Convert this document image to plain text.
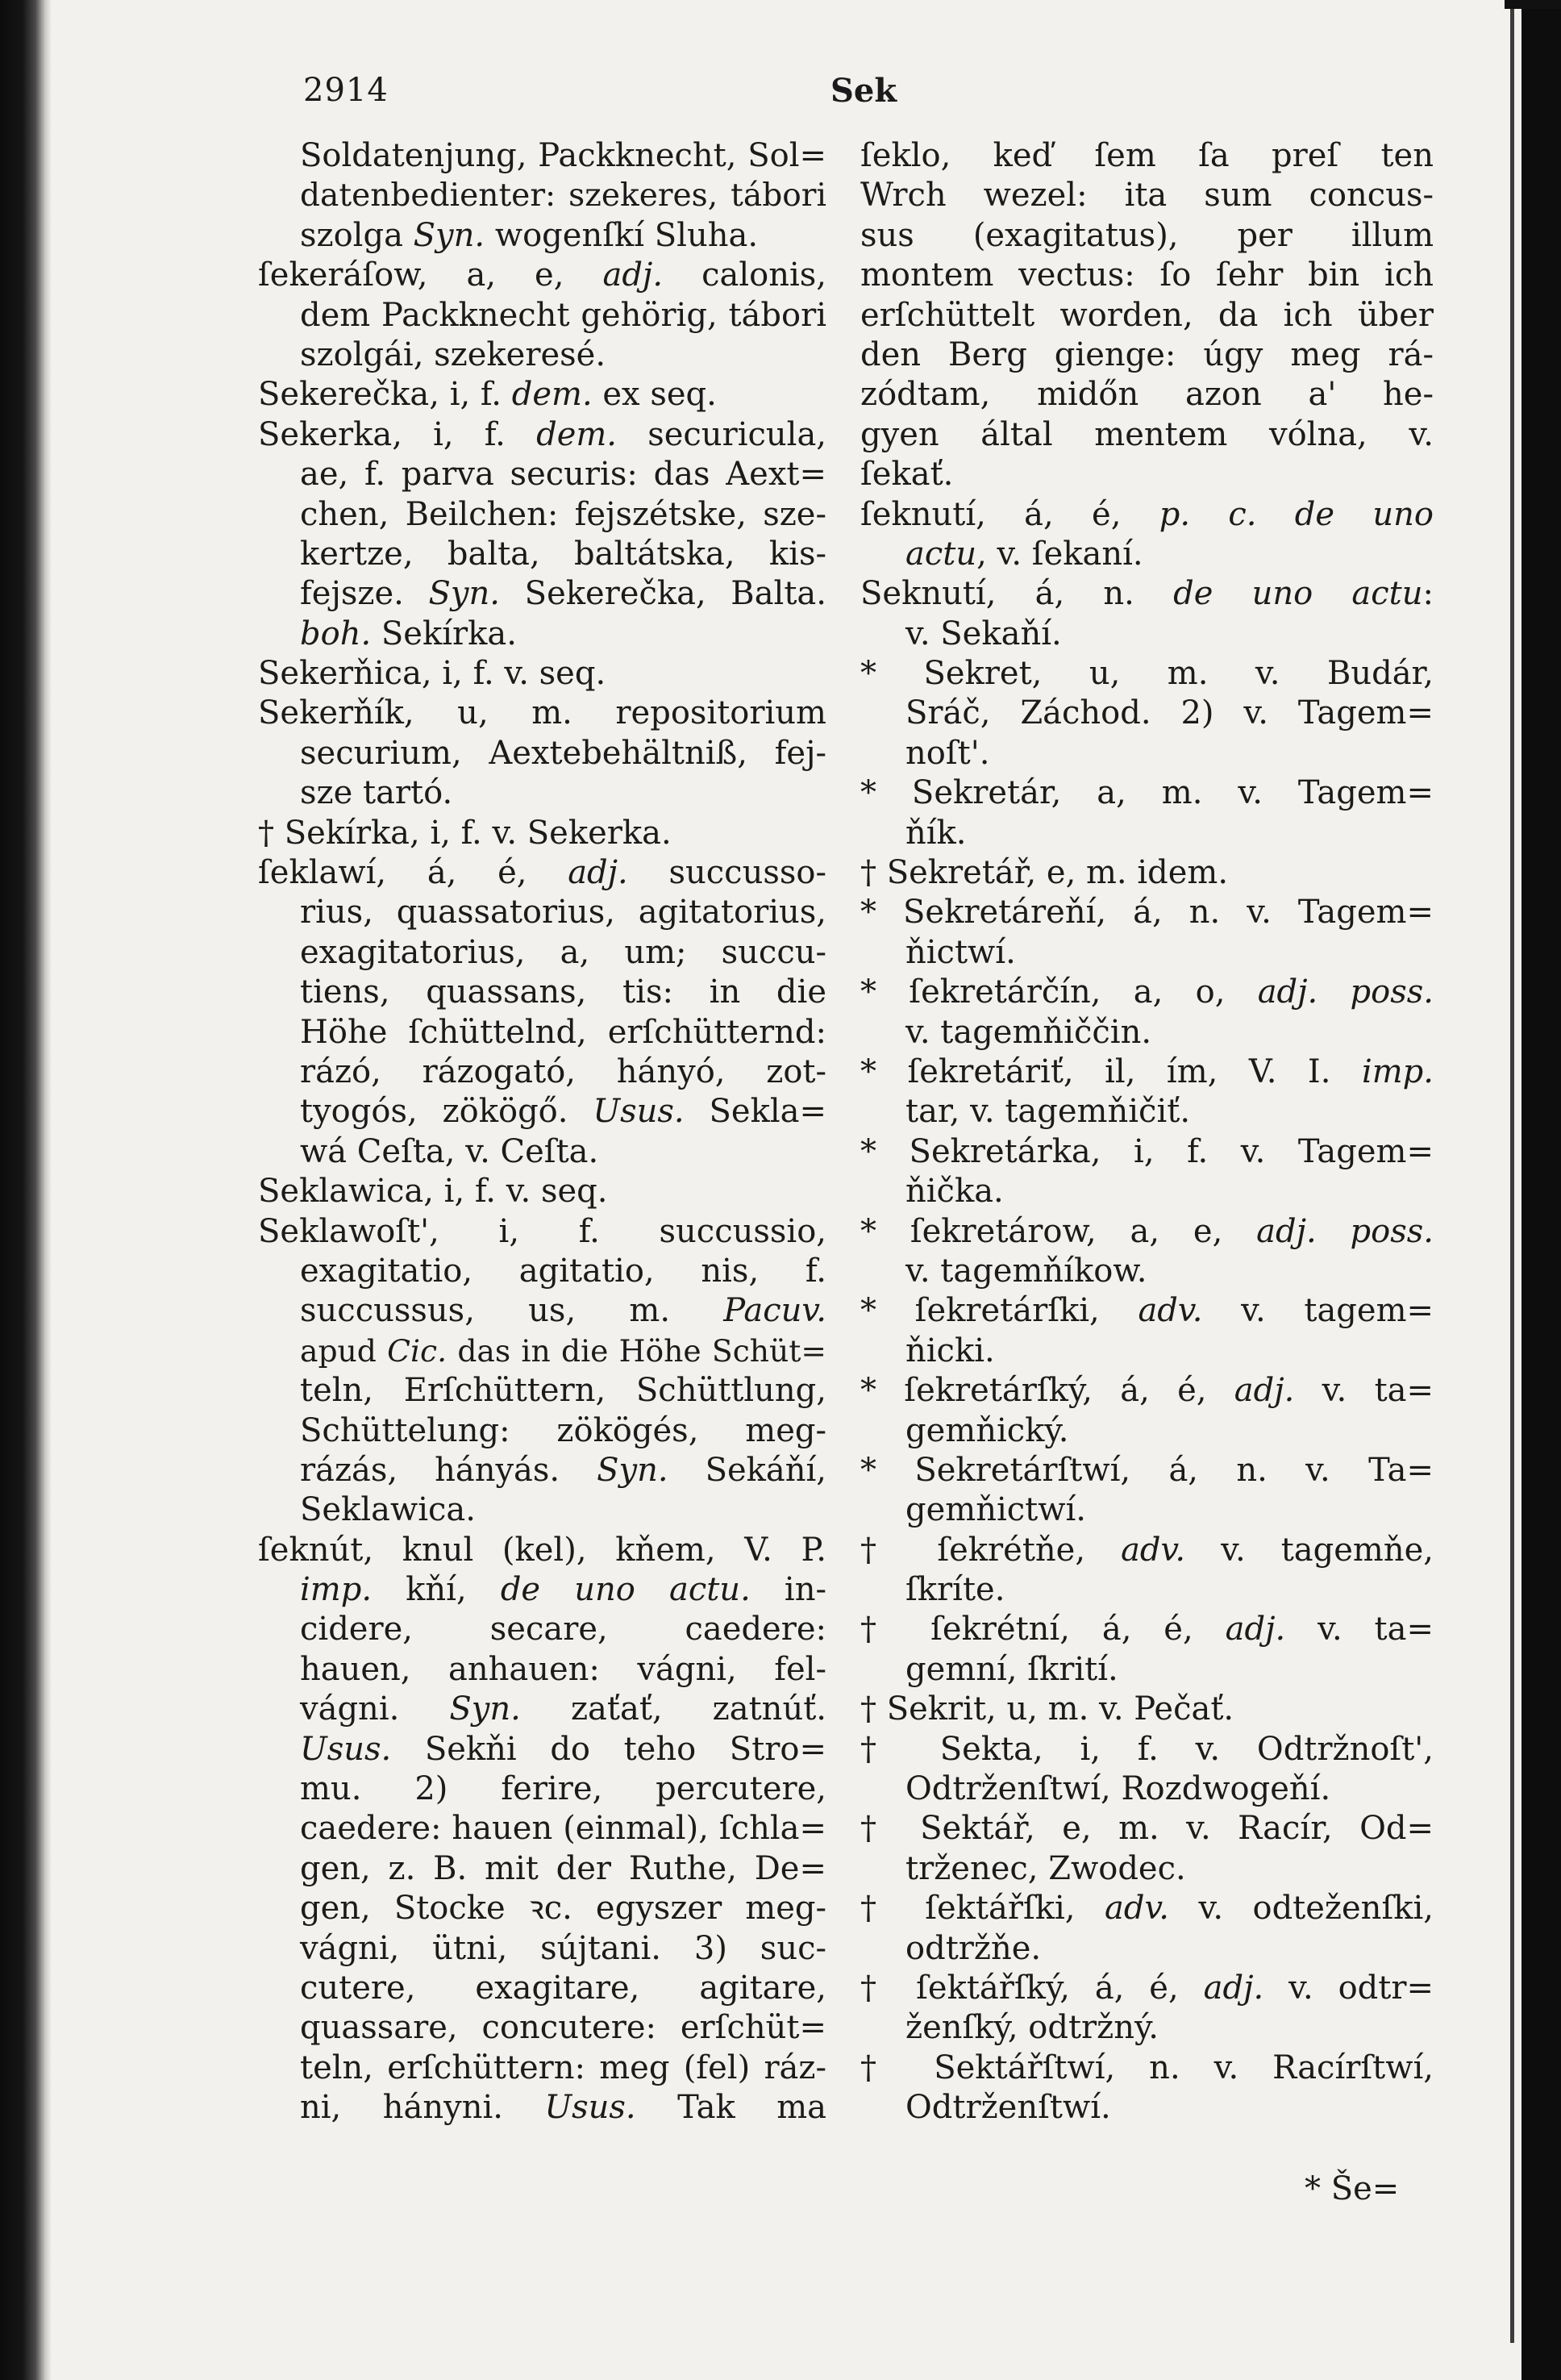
2914	Sek
Soldatenjung, Packknecht, Sol=
datenbedienter: szekeres, tábori
szolga Syn. wogenſkí Sluha.
ſekeráſow, a, e, adj. calonis,
dem Packknecht gehörig, tábori
szolgái, szekeresé.
Sekerečka, i, f. dem. ex seq.
Sekerka, i, f. dem. securicula,
ae, f. parva securis: das Aext=
chen, Beilchen: fejszétske, sze-
kertze, balta, baltátska, kis-
fejsze. Syn. Sekerečka, Balta.
boh. Sekírka.
Sekerňica, i, f. v. seq.
Sekerňík, u, m. repositorium
securium, Aextebehältniß, fej-
sze tartó.
† Sekírka, i, f. v. Sekerka.
ſeklawí, á, é, adj. succusso-
rius, quassatorius, agitatorius,
exagitatorius, a, um; succu-
tiens, quassans, tis: in die
Höhe ſchüttelnd, erſchütternd:
rázó, rázogató, hányó, zot-
tyogós, zökögő. Usus. Sekla=
wá Ceſta, v. Ceſta.
Seklawica, i, f. v. seq.
Seklawoſt', i, f. succussio,
exagitatio, agitatio, nis, f.
succussus, us, m. Pacuv.
apud Cic. das in die Höhe Schüt=
teln, Erſchüttern, Schüttlung,
Schüttelung: zökögés, meg-
rázás, hányás. Syn. Sekáňí,
Seklawica.
ſeknút, knul (kel), kňem, V. P.
imp. kňí, de uno actu. in-
cidere, secare, caedere:
hauen, anhauen: vágni, fel-
vágni. Syn. zaťať, zatnúť.
Usus. Sekňi do teho Stro=
mu. 2) ferire, percutere,
caedere: hauen (einmal), ſchla=
gen, z. B. mit der Ruthe, De=
gen, Stocke ꝛc. egyszer meg-
vágni, ütni, sújtani. 3) suc-
cutere, exagitare, agitare,
quassare, concutere: erſchüt=
teln, erſchüttern: meg (fel) ráz-
ni, hányni. Usus. Tak ma
ſeklo, keď ſem ſa preſ ten
Wrch wezel: ita sum concus-
sus (exagitatus), per illum
montem vectus: ſo ſehr bin ich
erſchüttelt worden, da ich über
den Berg gienge: úgy meg rá-
zódtam, midőn azon a' he-
gyen által mentem vólna, v.
ſekať.
ſeknutí, á, é, p. c. de uno
actu, v. ſekaní.
Seknutí, á, n. de uno actu:
v. Sekaňí.
* Sekret, u, m. v. Budár,
Sráč, Záchod. 2) v. Tagem=
noſt'.
* Sekretár, a, m. v. Tagem=
ňík.
† Sekretář, e, m. idem.
* Sekretáreňí, á, n. v. Tagem=
ňictwí.
* ſekretárčín, a, o, adj. poss.
v. tagemňiččin.
* ſekretáriť, il, ím, V. I. imp.
tar, v. tagemňičiť.
* Sekretárka, i, f. v. Tagem=
ňička.
* ſekretárow, a, e, adj. poss.
v. tagemňíkow.
* ſekretárſki, adv. v. tagem=
ňicki.
* ſekretárſký, á, é, adj. v. ta=
gemňický.
* Sekretárſtwí, á, n. v. Ta=
gemňictwí.
† ſekrétňe, adv. v. tagemňe,
ſkríte.
† ſekrétní, á, é, adj. v. ta=
gemní, ſkrití.
† Sekrit, u, m. v. Pečať.
† Sekta, i, f. v. Odtržnoſt',
Odtrženſtwí, Rozdwogeňí.
† Sektář, e, m. v. Racír, Od=
trženec, Zwodec.
† ſektářſki, adv. v. odteženſki,
odtržňe.
† ſektářſký, á, é, adj. v. odtr=
ženſký, odtržný.
† Sektářſtwí, n. v. Racírſtwí,
Odtrženſtwí.
* Še=
